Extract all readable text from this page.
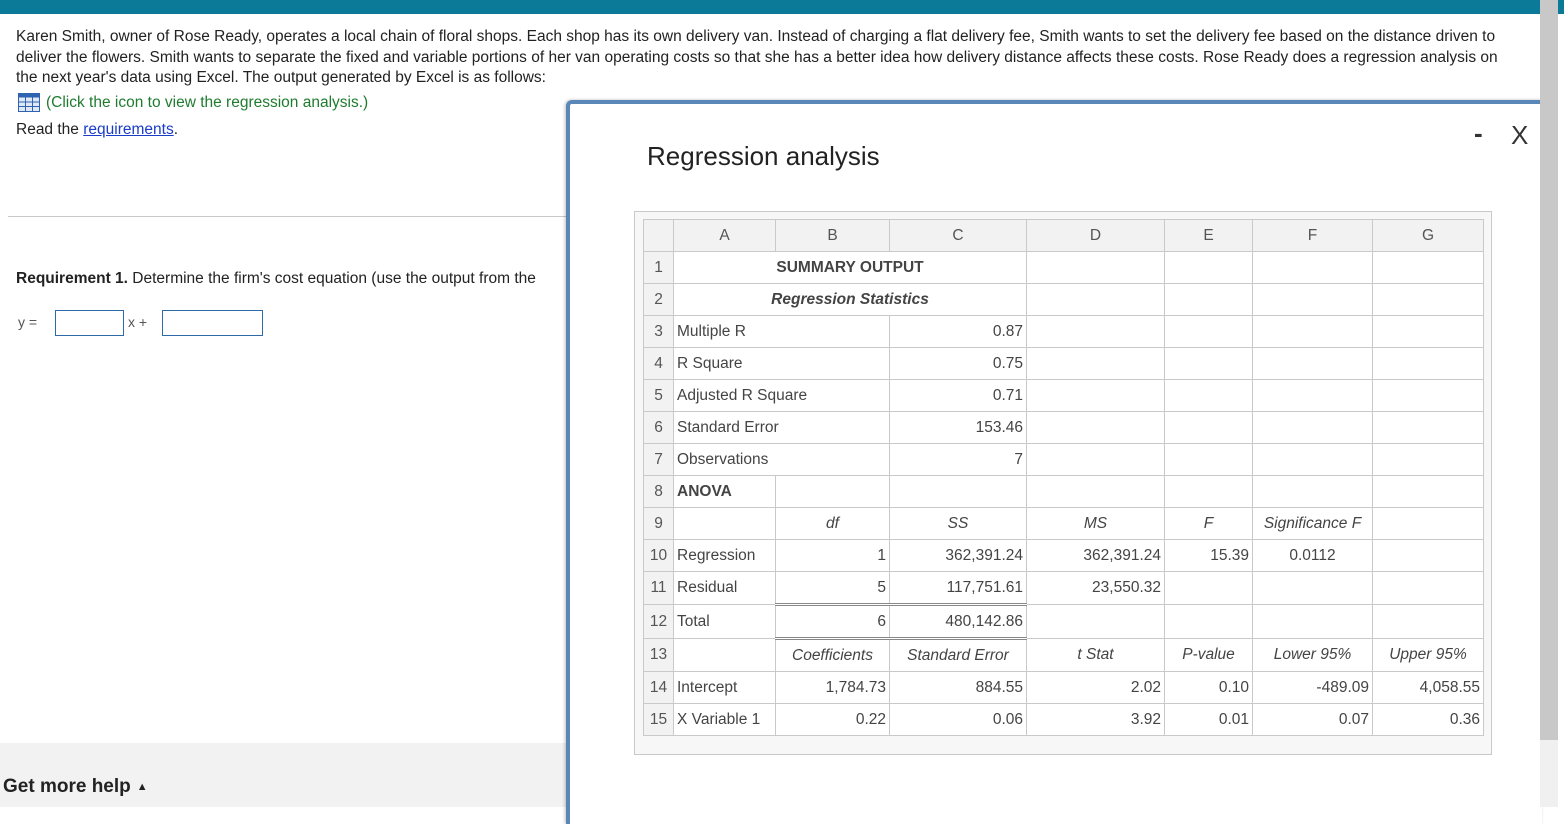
Karen Smith, owner of Rose Ready, operates a local chain of floral shops. Each shop has its own delivery van. Instead of charging a flat delivery fee, Smith wants to set the delivery fee based on the distance driven to deliver the flowers. Smith wants to separate the fixed and variable portions of her van operating costs so that she has a better idea how delivery distance affects these costs. Rose Ready does a regression analysis on the next year's data using Excel. The output generated by Excel is as follows:
(Click the icon to view the regression analysis.)
Read the requirements.
Requirement 1. Determine the firm's cost equation (use the output from the
y =	x +
Get more help ▲
Regression analysis
- X
	A	B	C	D	E	F	G
1	SUMMARY OUTPUT						
2	Regression Statistics						
3	Multiple R		0.87				
4	R Square		0.75				
5	Adjusted R Square		0.71				
6	Standard Error		153.46				
7	Observations		7				
8	ANOVA						
9		df	SS	MS	F	Significance F	
10	Regression	1	362,391.24	362,391.24	15.39	0.0112	
11	Residual	5	117,751.61	23,550.32			
12	Total	6	480,142.86				
13		Coefficients	Standard Error	t Stat	P-value	Lower 95%	Upper 95%
14	Intercept	1,784.73	884.55	2.02	0.10	-489.09	4,058.55
15	X Variable 1	0.22	0.06	3.92	0.01	0.07	0.36
